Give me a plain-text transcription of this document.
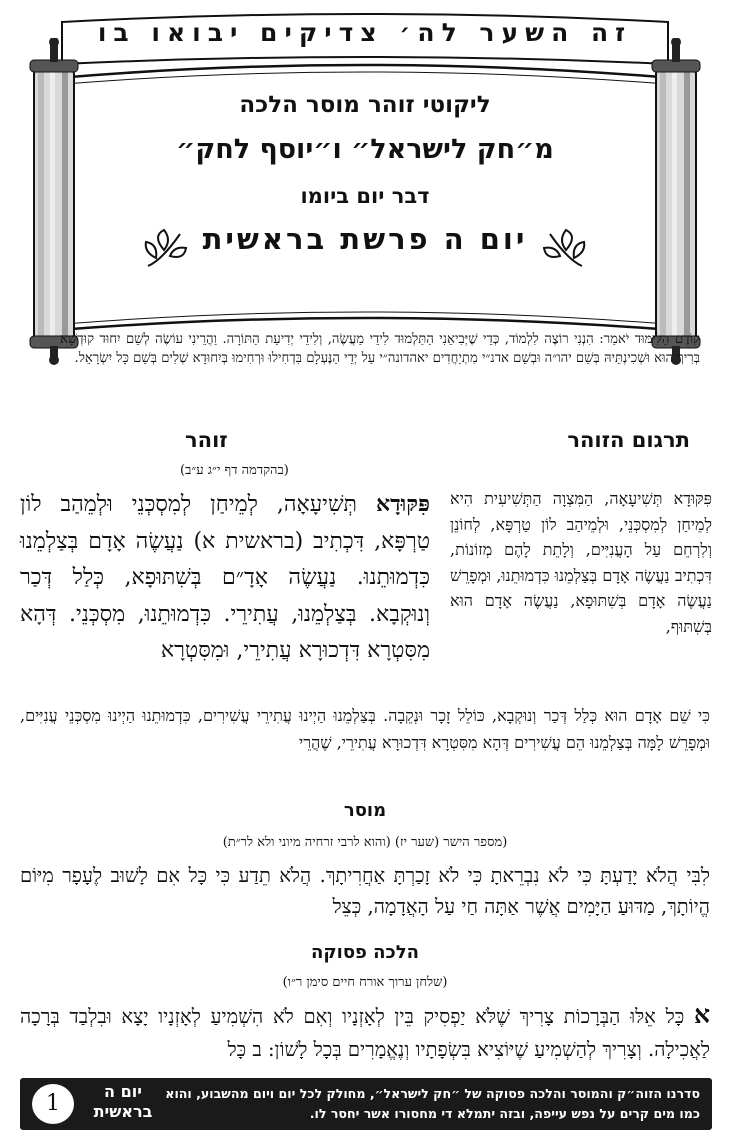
זה השער לה׳ צדיקים יבואו בו
ליקוטי זוהר מוסר הלכה
מ״חק לישראל״ ו״יוסף לחק״
דבר יום ביומו
יום ה פרשת בראשית

קוֹדֶם הַלִּימּוּד יֹאמַר: הִנְנִי רוֹצֶה לִלְמוֹד, כְּדֵי שֶׁיְּבִיאֵנִי הַתַּלְמוּד לִידֵי מַעֲשֶׂה, וְלִידֵי יְדִיעַת הַתּוֹרָה. וַהֲרֵינִי עוֹשֶׂה לְשֵׁם יִחוּד קוּדְשָׁא בְּרִיךְ הוּא וּשְׁכִינְתֵּיהּ בְּשֵׁם יהו״ה וּבְשֵׁם אדנ״י מִתְיַחֲדִים יאהדונה״י עַל יְדֵי הַנֶּעְלָם בִּדְחִילוּ וּרְחִימוּ בְּיִחוּדָא שְׁלִים בְּשֵׁם כָּל יִשְׂרָאֵל.

תרגום הזוהר
זוהר
(בהקדמה דף י״ג ע״ב)

פִּקּוּדָא תְּשִׁיעָאָה, הַמִּצְוָה הַתְּשִׁיעִית הִיא לְמֵיחַן לְמִסְכְּנֵי, וּלְמֵיהַב לוֹן טַרְפָּא, לְחוֹנֵן וְלִרְחֵם עַל הָעֲנִיִּים, וְלָתֵת לָהֶם מְזוֹנוֹת, דִּכְתִיב נַעֲשֶׂה אָדָם בְּצַלְמֵנוּ כִּדְמוּתֵנוּ, וּמְפָרֵשׁ נַעֲשֶׂה אָדָם בְּשִׁתּוּפָא, נַעֲשֶׂה אָדָם הוּא בְּשִׁתּוּף,

פִּקּוּדָא תְּשִׁיעָאָה, לְמֵיחַן לְמִסְכְּנֵי וּלְמֵהַב לוֹן טַרְפָּא, דִּכְתִיב (בראשית א) נַעֲשֶׂה אָדָם בְּצַלְמֵנוּ כִּדְמוּתֵנוּ. נַעֲשֶׂה אָדָ״ם בְּשִׁתּוּפָא, כְּלַל דְּכַר וְנוּקְבָא. בְּצַלְמֵנוּ, עֲתִירֵי. כִּדְמוּתֵנוּ, מִסְכְּנֵי. דְּהָא מִסִּטְרָא דִּדְכוּרָא עֲתִירֵי, וּמִסִּטְרָא

כִּי שֵׁם אָדָם הוּא כְּלַל דְּכַר וְנוּקְבָא, כּוֹלֵל זָכָר וּנְקֵבָה. בְּצַלְמֵנוּ הַיְינוּ עֲתִירֵי עֲשִׁירִים, כִּדְמוּתֵנוּ הַיְינוּ מִסְכְּנֵי עֲנִיִּים, וּמְפָרֵשׁ לָמָּה בְּצַלְמֵנוּ הֵם עֲשִׁירִים דְּהָא מִסִּטְרָא דִּדְכוּרָא עֲתִירֵי, שֶׁהֲרֵי

מוסר
(מספר הישר (שער יז) (והוא לרבי זרחיה מיוני ולא לר״ת)

לִבִּי הֲלֹא יָדַעְתָּ כִּי לֹא נִבְרֵאתָ כִּי לֹא זָכַרְתָּ אַחֲרִיתָךְ. הֲלֹא תֵדַע כִּי כָּל אִם לָשׁוּב לֶעָפָר מִיּוֹם הֱיוֹתָךְ, מַדּוּעַ הַיָּמִים אֲשֶׁר אַתָּה חַי עַל הָאֲדָמָה, כְּצֵל

הלכה פסוקה
(שלחן ערוך אורח חיים סימן ר״ו)

א כָּל אֵלּוּ הַבְּרָכוֹת צָרִיךְ שֶׁלֹּא יַפְסִיק בֵּין לְאָזְנָיו וְאִם לֹא הִשְׁמִיעַ לְאָזְנָיו יָצָא וּבִלְבַד בְּרָכָה לַאֲכִילָה. וְצָרִיךְ לְהַשְׁמִיעַ שֶׁיּוֹצִיא בִּשְׂפָתָיו וְנֶאֱמָרִים בְּכָל לָשׁוֹן: ב כָּל

סדרנו הזוה״ק והמוסר והלכה פסוקה של ״חק לישראל״, מחולק לכל יום ויום מהשבוע, והוא כמו מים קרים על נפש עייפה, ובזה יתמלא די מחסורו אשר יחסר לו.
יום ה
בראשית
1
